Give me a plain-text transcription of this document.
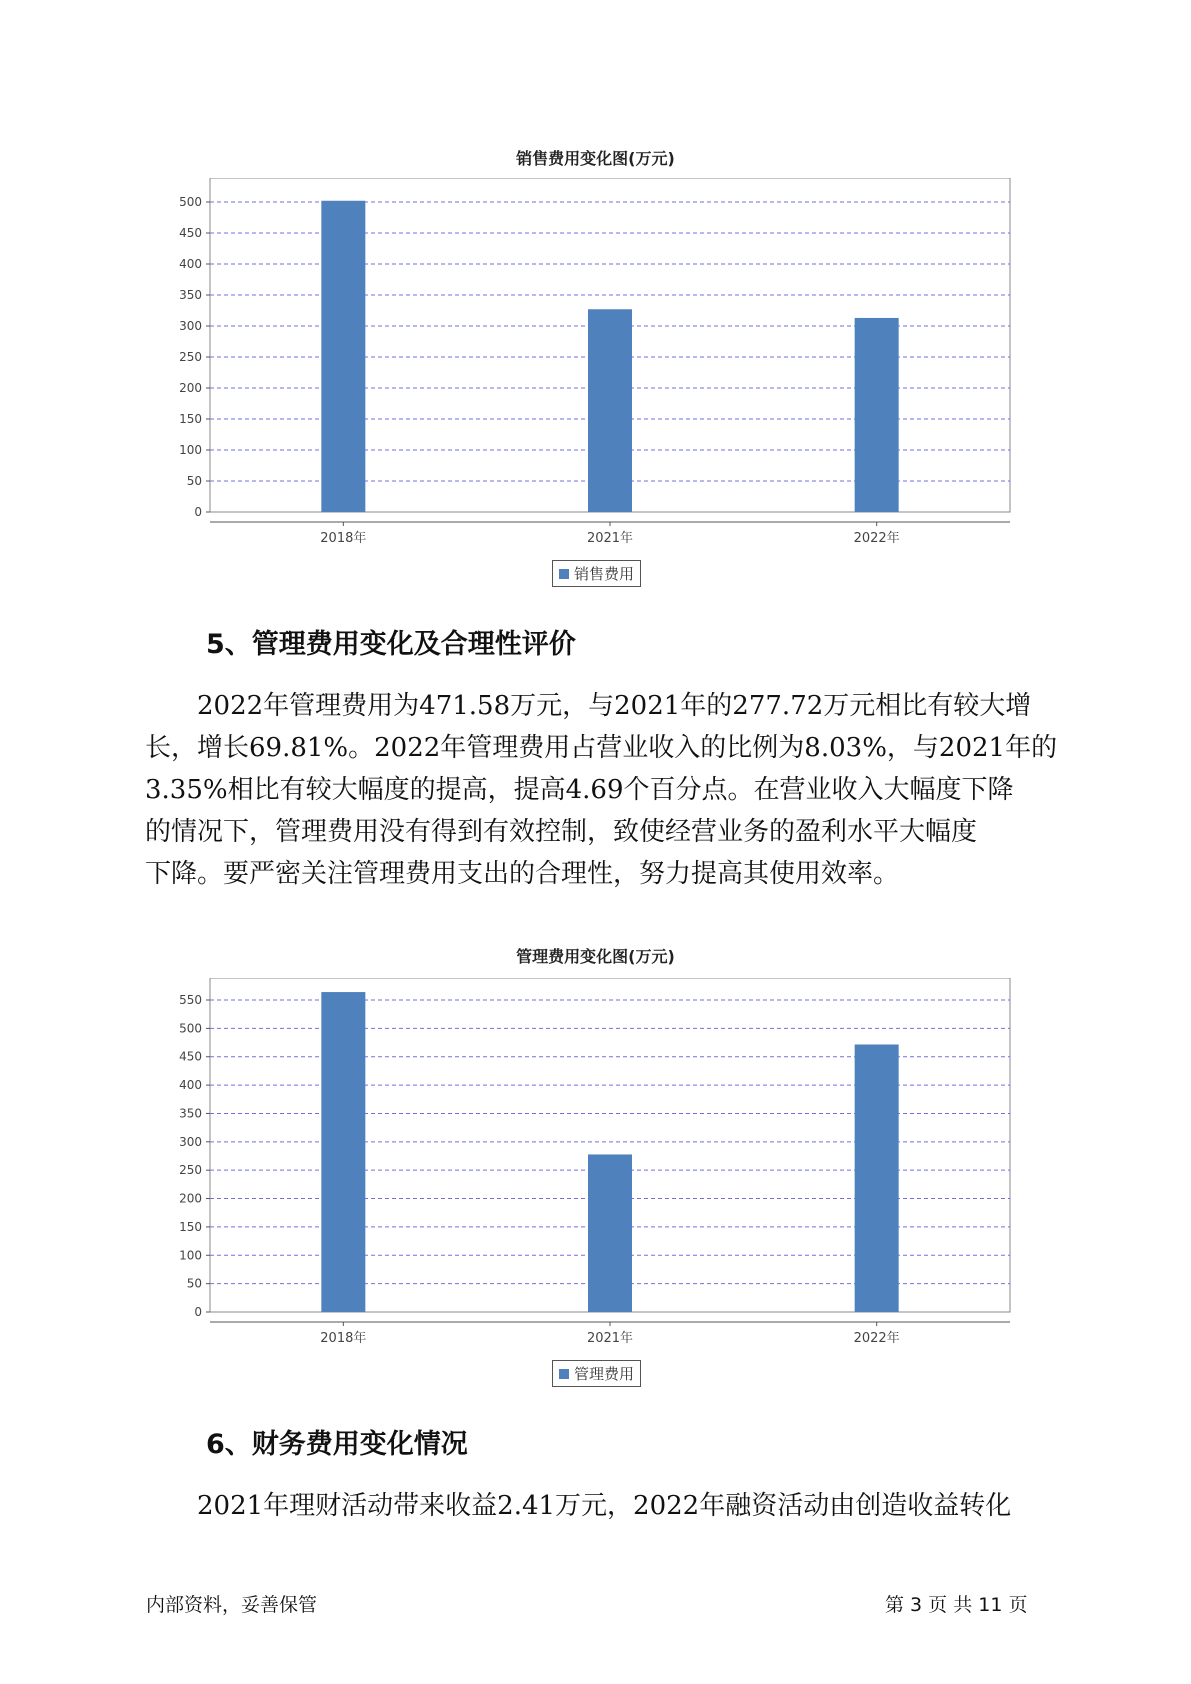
销售费用变化图(万元)
0
50
100
150
200
250
300
350
400
450
500
2018年	2021年	2022年
销售费用
5、管理费用变化及合理性评价
2022年管理费用为471.58万元，与2021年的277.72万元相比有较大增
长，增长69.81%。2022年管理费用占营业收入的比例为8.03%，与2021年的
3.35%相比有较大幅度的提高，提高4.69个百分点。在营业收入大幅度下降
的情况下，管理费用没有得到有效控制，致使经营业务的盈利水平大幅度
下降。要严密关注管理费用支出的合理性，努力提高其使用效率。
管理费用变化图(万元)
0
50
100
150
200
250
300
350
400
450
500
550
2018年	2021年	2022年
管理费用
6、财务费用变化情况
2021年理财活动带来收益2.41万元，2022年融资活动由创造收益转化
内部资料，妥善保管	第 3 页 共 11 页
